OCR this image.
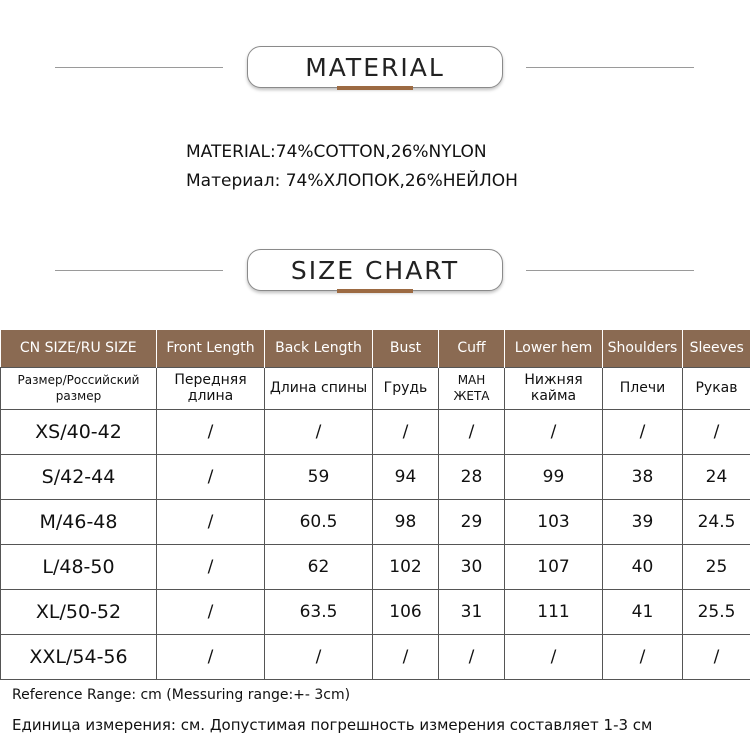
MATERIAL
MATERIAL:74%COTTON,26%NYLON
Материал: 74%ХЛОПОК,26%НЕЙЛОН
SIZE CHART
CN SIZE/RU SIZE	Front Length	Back Length	Bust	Cuff	Lower hem	Shoulders	Sleeves
Размер/Российский размер	Передняя длина	Длина спины	Грудь	МАН ЖЕТА	Нижняя кайма	Плечи	Рукав
XS/40-42	/	/	/	/	/	/	/
S/42-44	/	59	94	28	99	38	24
M/46-48	/	60.5	98	29	103	39	24.5
L/48-50	/	62	102	30	107	40	25
XL/50-52	/	63.5	106	31	111	41	25.5
XXL/54-56	/	/	/	/	/	/	/
Reference Range: cm (Messuring range:+- 3cm)
Единица измерения: см. Допустимая погрешность измерения составляет 1-3 см
